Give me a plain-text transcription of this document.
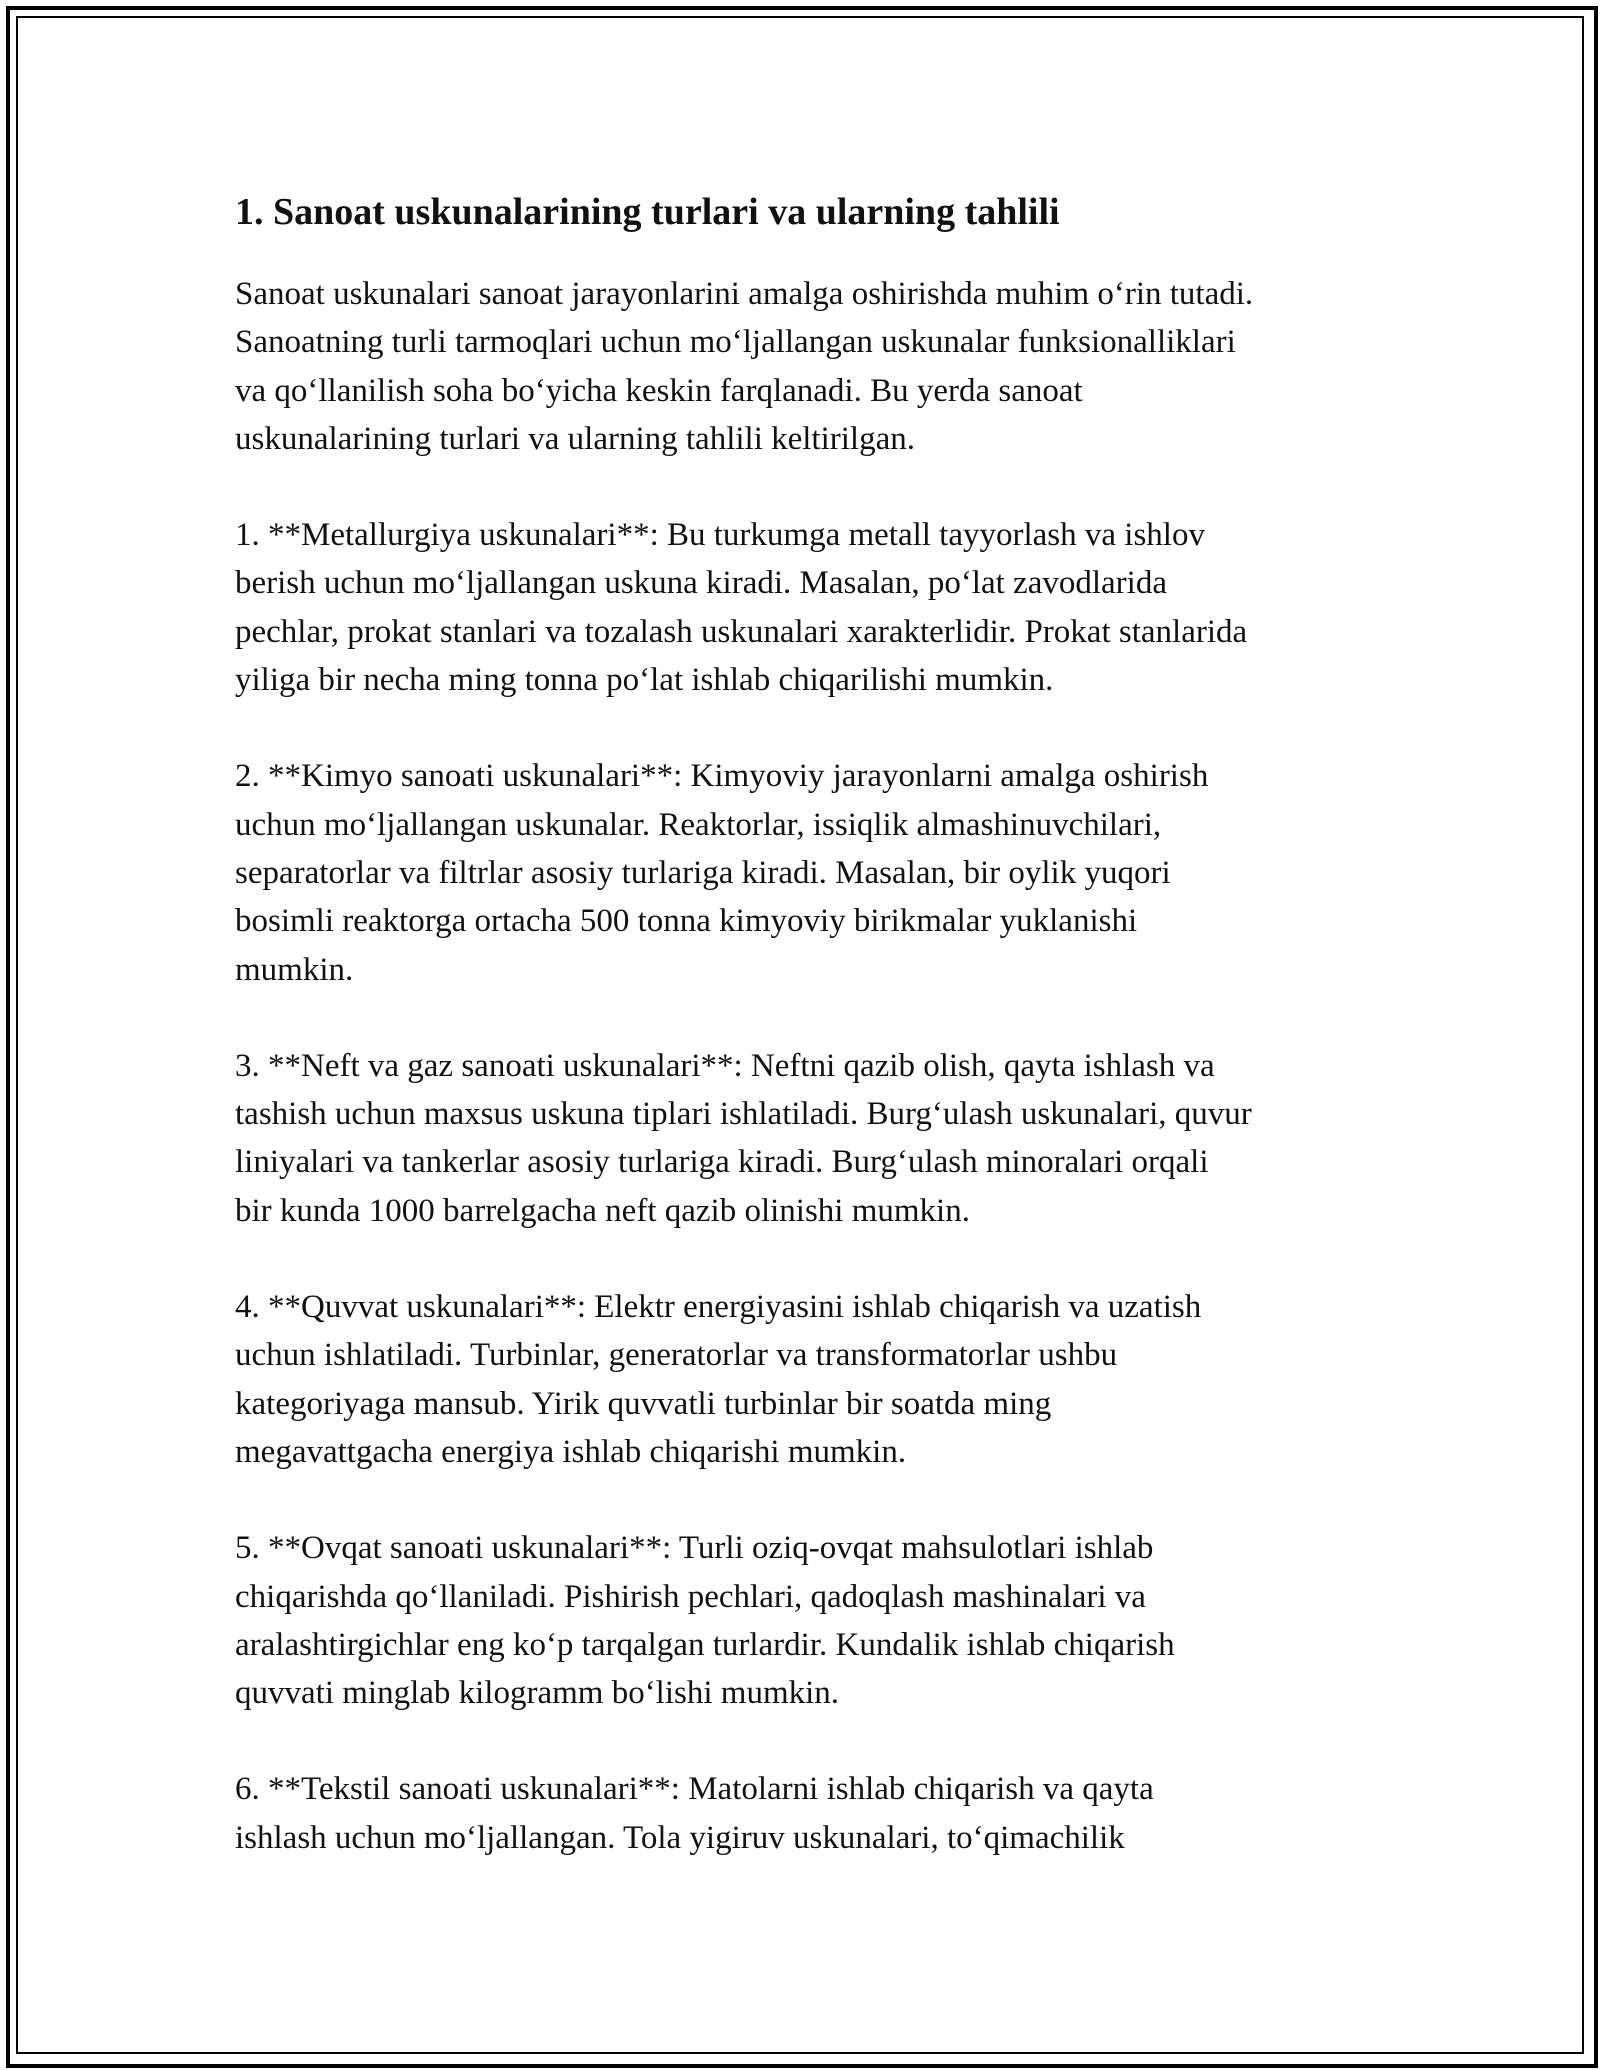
1. Sanoat uskunalarining turlari va ularning tahlili

Sanoat uskunalari sanoat jarayonlarini amalga oshirishda muhim o‘rin tutadi.
Sanoatning turli tarmoqlari uchun mo‘ljallangan uskunalar funksionalliklari
va qo‘llanilish soha bo‘yicha keskin farqlanadi. Bu yerda sanoat
uskunalarining turlari va ularning tahlili keltirilgan.

1. **Metallurgiya uskunalari**: Bu turkumga metall tayyorlash va ishlov
berish uchun mo‘ljallangan uskuna kiradi. Masalan, po‘lat zavodlarida
pechlar, prokat stanlari va tozalash uskunalari xarakterlidir. Prokat stanlarida
yiliga bir necha ming tonna po‘lat ishlab chiqarilishi mumkin.

2. **Kimyo sanoati uskunalari**: Kimyoviy jarayonlarni amalga oshirish
uchun mo‘ljallangan uskunalar. Reaktorlar, issiqlik almashinuvchilari,
separatorlar va filtrlar asosiy turlariga kiradi. Masalan, bir oylik yuqori
bosimli reaktorga ortacha 500 tonna kimyoviy birikmalar yuklanishi
mumkin.

3. **Neft va gaz sanoati uskunalari**: Neftni qazib olish, qayta ishlash va
tashish uchun maxsus uskuna tiplari ishlatiladi. Burg‘ulash uskunalari, quvur
liniyalari va tankerlar asosiy turlariga kiradi. Burg‘ulash minoralari orqali
bir kunda 1000 barrelgacha neft qazib olinishi mumkin.

4. **Quvvat uskunalari**: Elektr energiyasini ishlab chiqarish va uzatish
uchun ishlatiladi. Turbinlar, generatorlar va transformatorlar ushbu
kategoriyaga mansub. Yirik quvvatli turbinlar bir soatda ming
megavattgacha energiya ishlab chiqarishi mumkin.

5. **Ovqat sanoati uskunalari**: Turli oziq-ovqat mahsulotlari ishlab
chiqarishda qo‘llaniladi. Pishirish pechlari, qadoqlash mashinalari va
aralashtirgichlar eng ko‘p tarqalgan turlardir. Kundalik ishlab chiqarish
quvvati minglab kilogramm bo‘lishi mumkin.

6. **Tekstil sanoati uskunalari**: Matolarni ishlab chiqarish va qayta
ishlash uchun mo‘ljallangan. Tola yigiruv uskunalari, to‘qimachilik
